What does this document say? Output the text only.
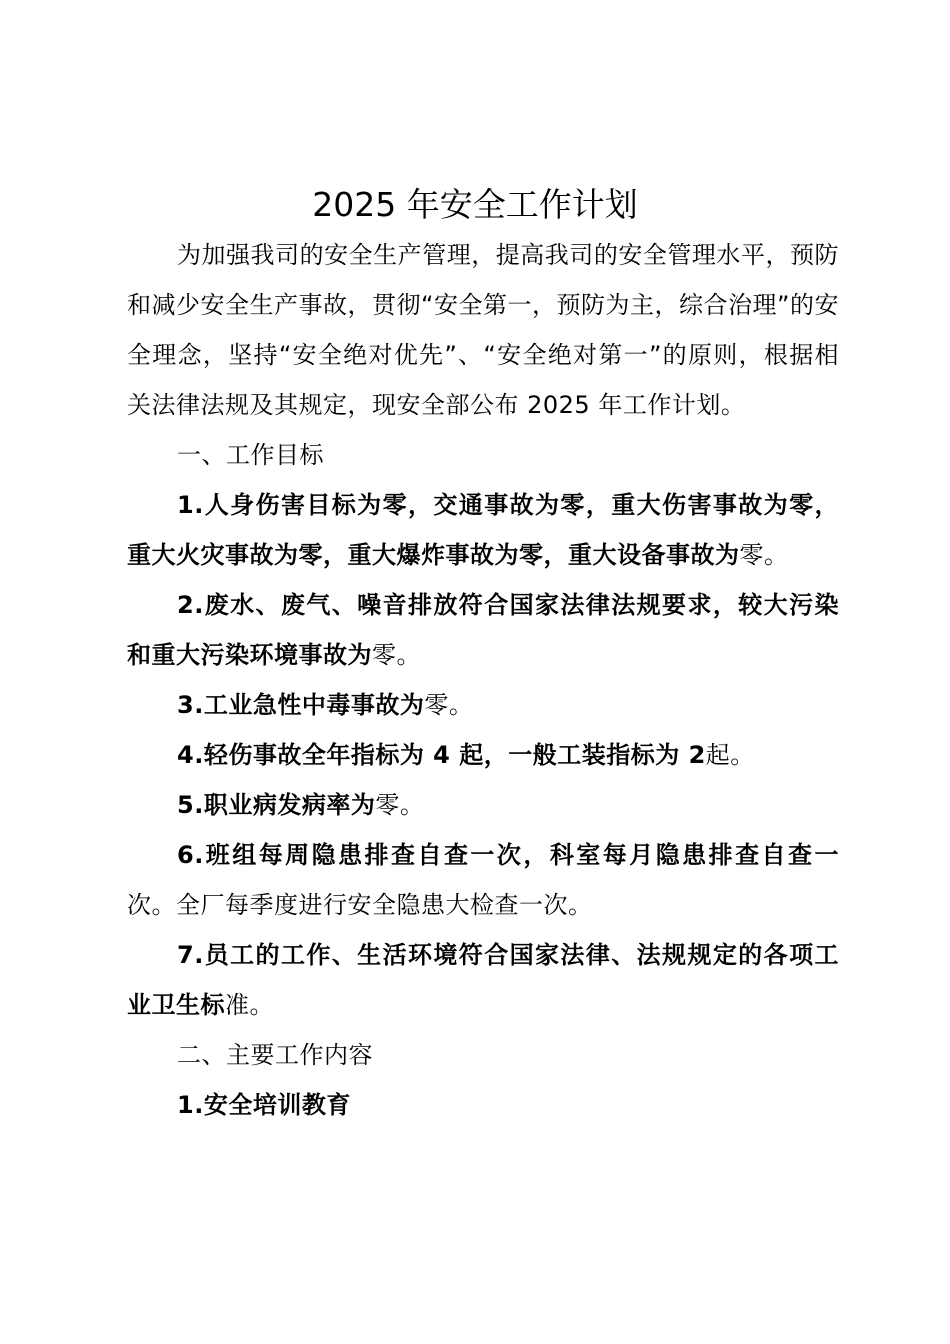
2025 年安全工作计划

为加强我司的安全生产管理，提高我司的安全管理水平，预防和减少安全生产事故，贯彻“安全第一，预防为主，综合治理”的安全理念，坚持“安全绝对优先”、“安全绝对第一”的原则，根据相关法律法规及其规定，现安全部公布 2025 年工作计划。

一、工作目标

1.人身伤害目标为零，交通事故为零，重大伤害事故为零，重大火灾事故为零，重大爆炸事故为零，重大设备事故为零。

2.废水、废气、噪音排放符合国家法律法规要求，较大污染和重大污染环境事故为零。

3.工业急性中毒事故为零。

4.轻伤事故全年指标为 4 起，一般工装指标为 2起。

5.职业病发病率为零。

6.班组每周隐患排查自查一次，科室每月隐患排查自查一次。全厂每季度进行安全隐患大检查一次。

7.员工的工作、生活环境符合国家法律、法规规定的各项工业卫生标准。

二、主要工作内容

1.安全培训教育
